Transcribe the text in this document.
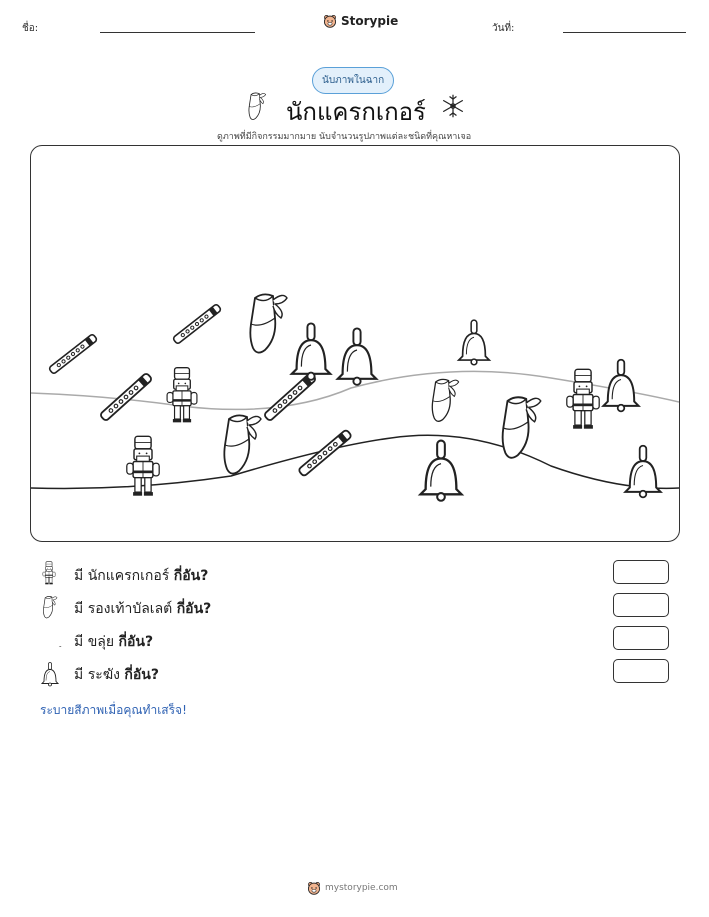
ชื่อ:
Storypie
วันที่:
นับภาพในฉาก
นักแครกเกอร์
ดูภาพที่มีกิจกรรมมากมาย นับจำนวนรูปภาพแต่ละชนิดที่คุณหาเจอ
มี นักแครกเกอร์ กี่อัน?
มี รองเท้าบัลเลต์ กี่อัน?
มี ขลุ่ย กี่อัน?
มี ระฆัง กี่อัน?
ระบายสีภาพเมื่อคุณทำเสร็จ!
mystorypie.com
